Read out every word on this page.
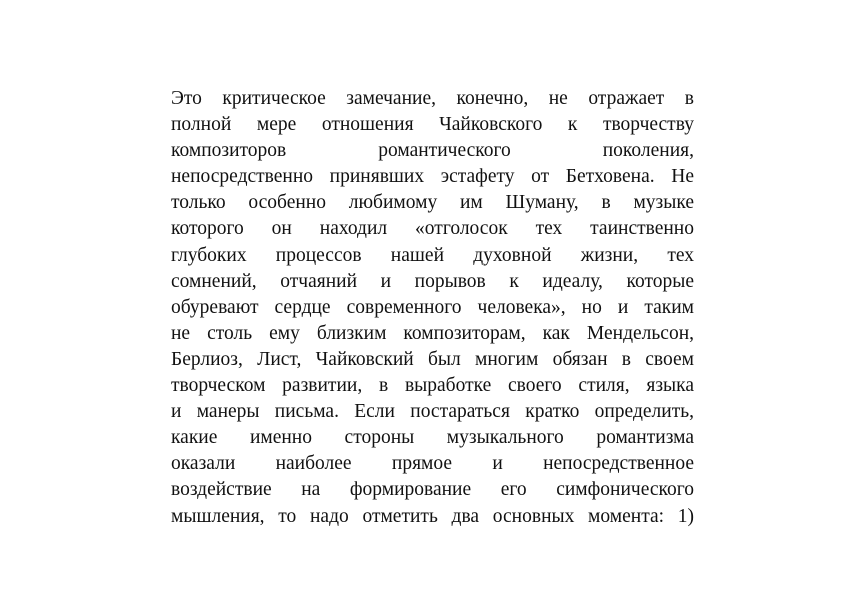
Это критическое замечание, конечно, не отражает в
полной мере отношения Чайковского к творчеству
композиторов романтического поколения,
непосредственно принявших эстафету от Бетховена. Не
только особенно любимому им Шуману, в музыке
которого он находил «отголосок тех таинственно
глубоких процессов нашей духовной жизни, тех
сомнений, отчаяний и порывов к идеалу, которые
обуревают сердце современного человека», но и таким
не столь ему близким композиторам, как Мендельсон,
Берлиоз, Лист, Чайковский был многим обязан в своем
творческом развитии, в выработке своего стиля, языка
и манеры письма. Если постараться кратко определить,
какие именно стороны музыкального романтизма
оказали наиболее прямое и непосредственное
воздействие на формирование его симфонического
мышления, то надо отметить два основных момента: 1)
